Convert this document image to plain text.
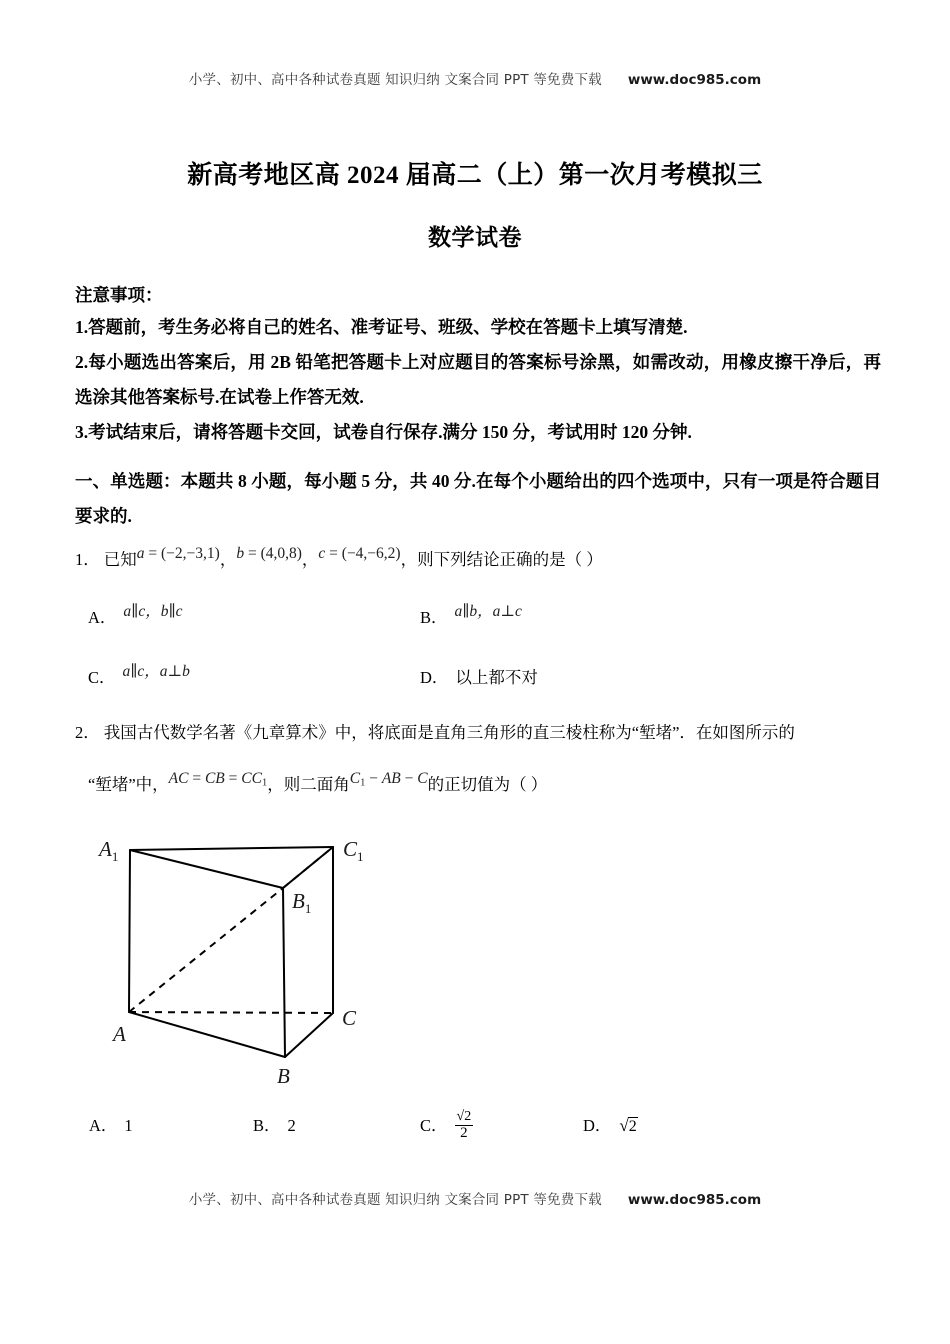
小学、初中、高中各种试卷真题 知识归纳 文案合同 PPT 等免费下载 www.doc985.com
新高考地区高 2024 届高二（上）第一次月考模拟三
数学试卷

注意事项：

1.答题前，考生务必将自己的姓名、准考证号、班级、学校在答题卡上填写清楚.

2.每小题选出答案后，用 2B 铅笔把答题卡上对应题目的答案标号涂黑，如需改动，用橡皮擦干净后，再选涂其他答案标号.在试卷上作答无效.

3.考试结束后，请将答题卡交回，试卷自行保存.满分 150 分，考试用时 120 分钟.

一、单选题：本题共 8 小题，每小题 5 分，共 40 分.在每个小题给出的四个选项中，只有一项是符合题目要求的.

1． 已知a = (−2,−3,1)，b = (4,0,8)，c = (−4,−6,2)，则下列结论正确的是（ ）
A． a∥c，b∥c	B． a∥b，a⊥c
C． a∥c，a⊥b	D． 以上都不对
2． 我国古代数学名著《九章算术》中，将底面是直角三角形的直三棱柱称为“堑堵”．在如图所示的
“堑堵”中，AC = CB = $CC_1$，则二面角$C_1$ − AB − C的正切值为（ ）
$A_1$	$C_1$
$B_1$
A
C
B
A． 1	B． 2	C． $\frac{√2}{2}$	D． √2
小学、初中、高中各种试卷真题 知识归纳 文案合同 PPT 等免费下载 www.doc985.com
